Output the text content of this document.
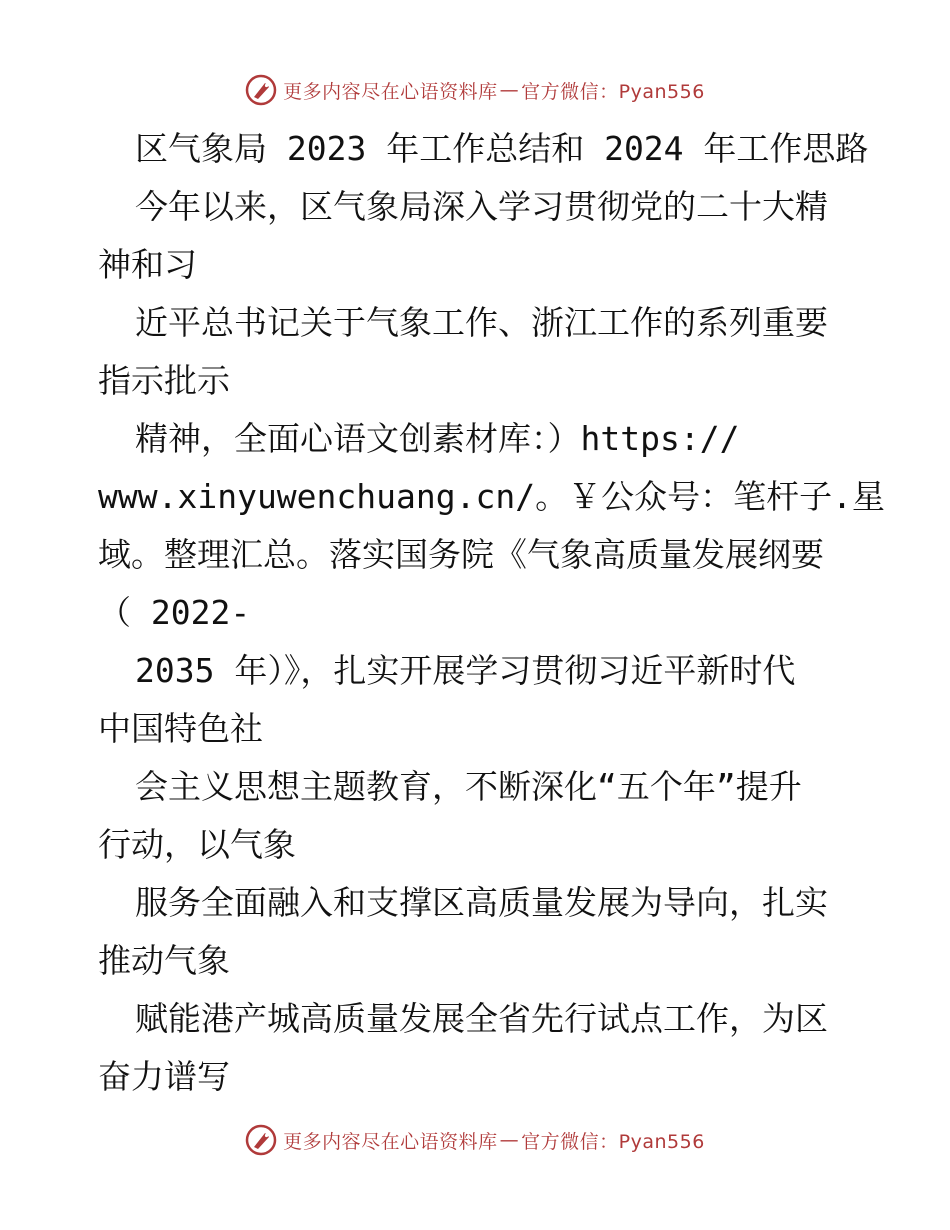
更多内容尽在心语资料库 — 官方微信：Pyan556
区气象局 2023 年工作总结和 2024 年工作思路
今年以来，区气象局深入学习贯彻党的二十大精
神和习
近平总书记关于气象工作、浙江工作的系列重要
指示批示
精神，全面心语文创素材库：）https://
www.xinyuwenchuang.cn/。￥公众号：笔杆子.星
域。整理汇总。落实国务院《气象高质量发展纲要
（ 2022-
2035 年）》，扎实开展学习贯彻习近平新时代
中国特色社
会主义思想主题教育，不断深化“五个年”提升
行动，以气象
服务全面融入和支撑区高质量发展为导向，扎实
推动气象
赋能港产城高质量发展全省先行试点工作，为区
奋力谱写
更多内容尽在心语资料库 — 官方微信：Pyan556
